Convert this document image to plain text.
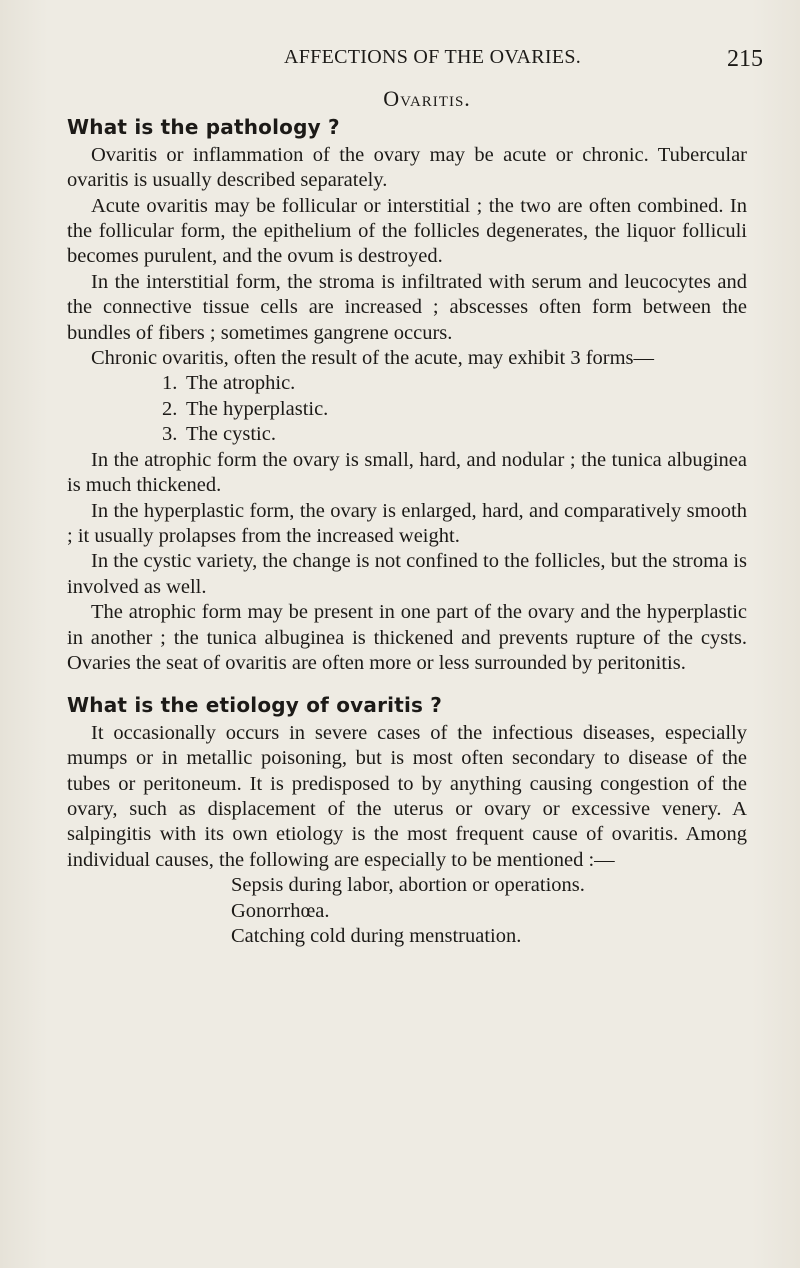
AFFECTIONS OF THE OVARIES.	215
Ovaritis.
What is the pathology ?

Ovaritis or inflammation of the ovary may be acute or chronic. Tubercular ovaritis is usually described separately.

Acute ovaritis may be follicular or interstitial ; the two are often combined. In the follicular form, the epithelium of the follicles degenerates, the liquor folliculi becomes purulent, and the ovum is destroyed.

In the interstitial form, the stroma is infiltrated with serum and leucocytes and the connective tissue cells are increased ; abscesses often form between the bundles of fibers ; sometimes gangrene occurs.

Chronic ovaritis, often the result of the acute, may exhibit 3 forms—

1. The atrophic.
2. The hyperplastic.
3. The cystic.

In the atrophic form the ovary is small, hard, and nodular ; the tunica albuginea is much thickened.

In the hyperplastic form, the ovary is enlarged, hard, and comparatively smooth ; it usually prolapses from the increased weight.

In the cystic variety, the change is not confined to the follicles, but the stroma is involved as well.

The atrophic form may be present in one part of the ovary and the hyperplastic in another ; the tunica albuginea is thickened and prevents rupture of the cysts. Ovaries the seat of ovaritis are often more or less surrounded by peritonitis.

What is the etiology of ovaritis ?

It occasionally occurs in severe cases of the infectious diseases, especially mumps or in metallic poisoning, but is most often secondary to disease of the tubes or peritoneum. It is predisposed to by anything causing congestion of the ovary, such as displacement of the uterus or ovary or excessive venery. A salpingitis with its own etiology is the most frequent cause of ovaritis. Among individual causes, the following are especially to be mentioned :—

Sepsis during labor, abortion or operations.
Gonorrhœa.
Catching cold during menstruation.
